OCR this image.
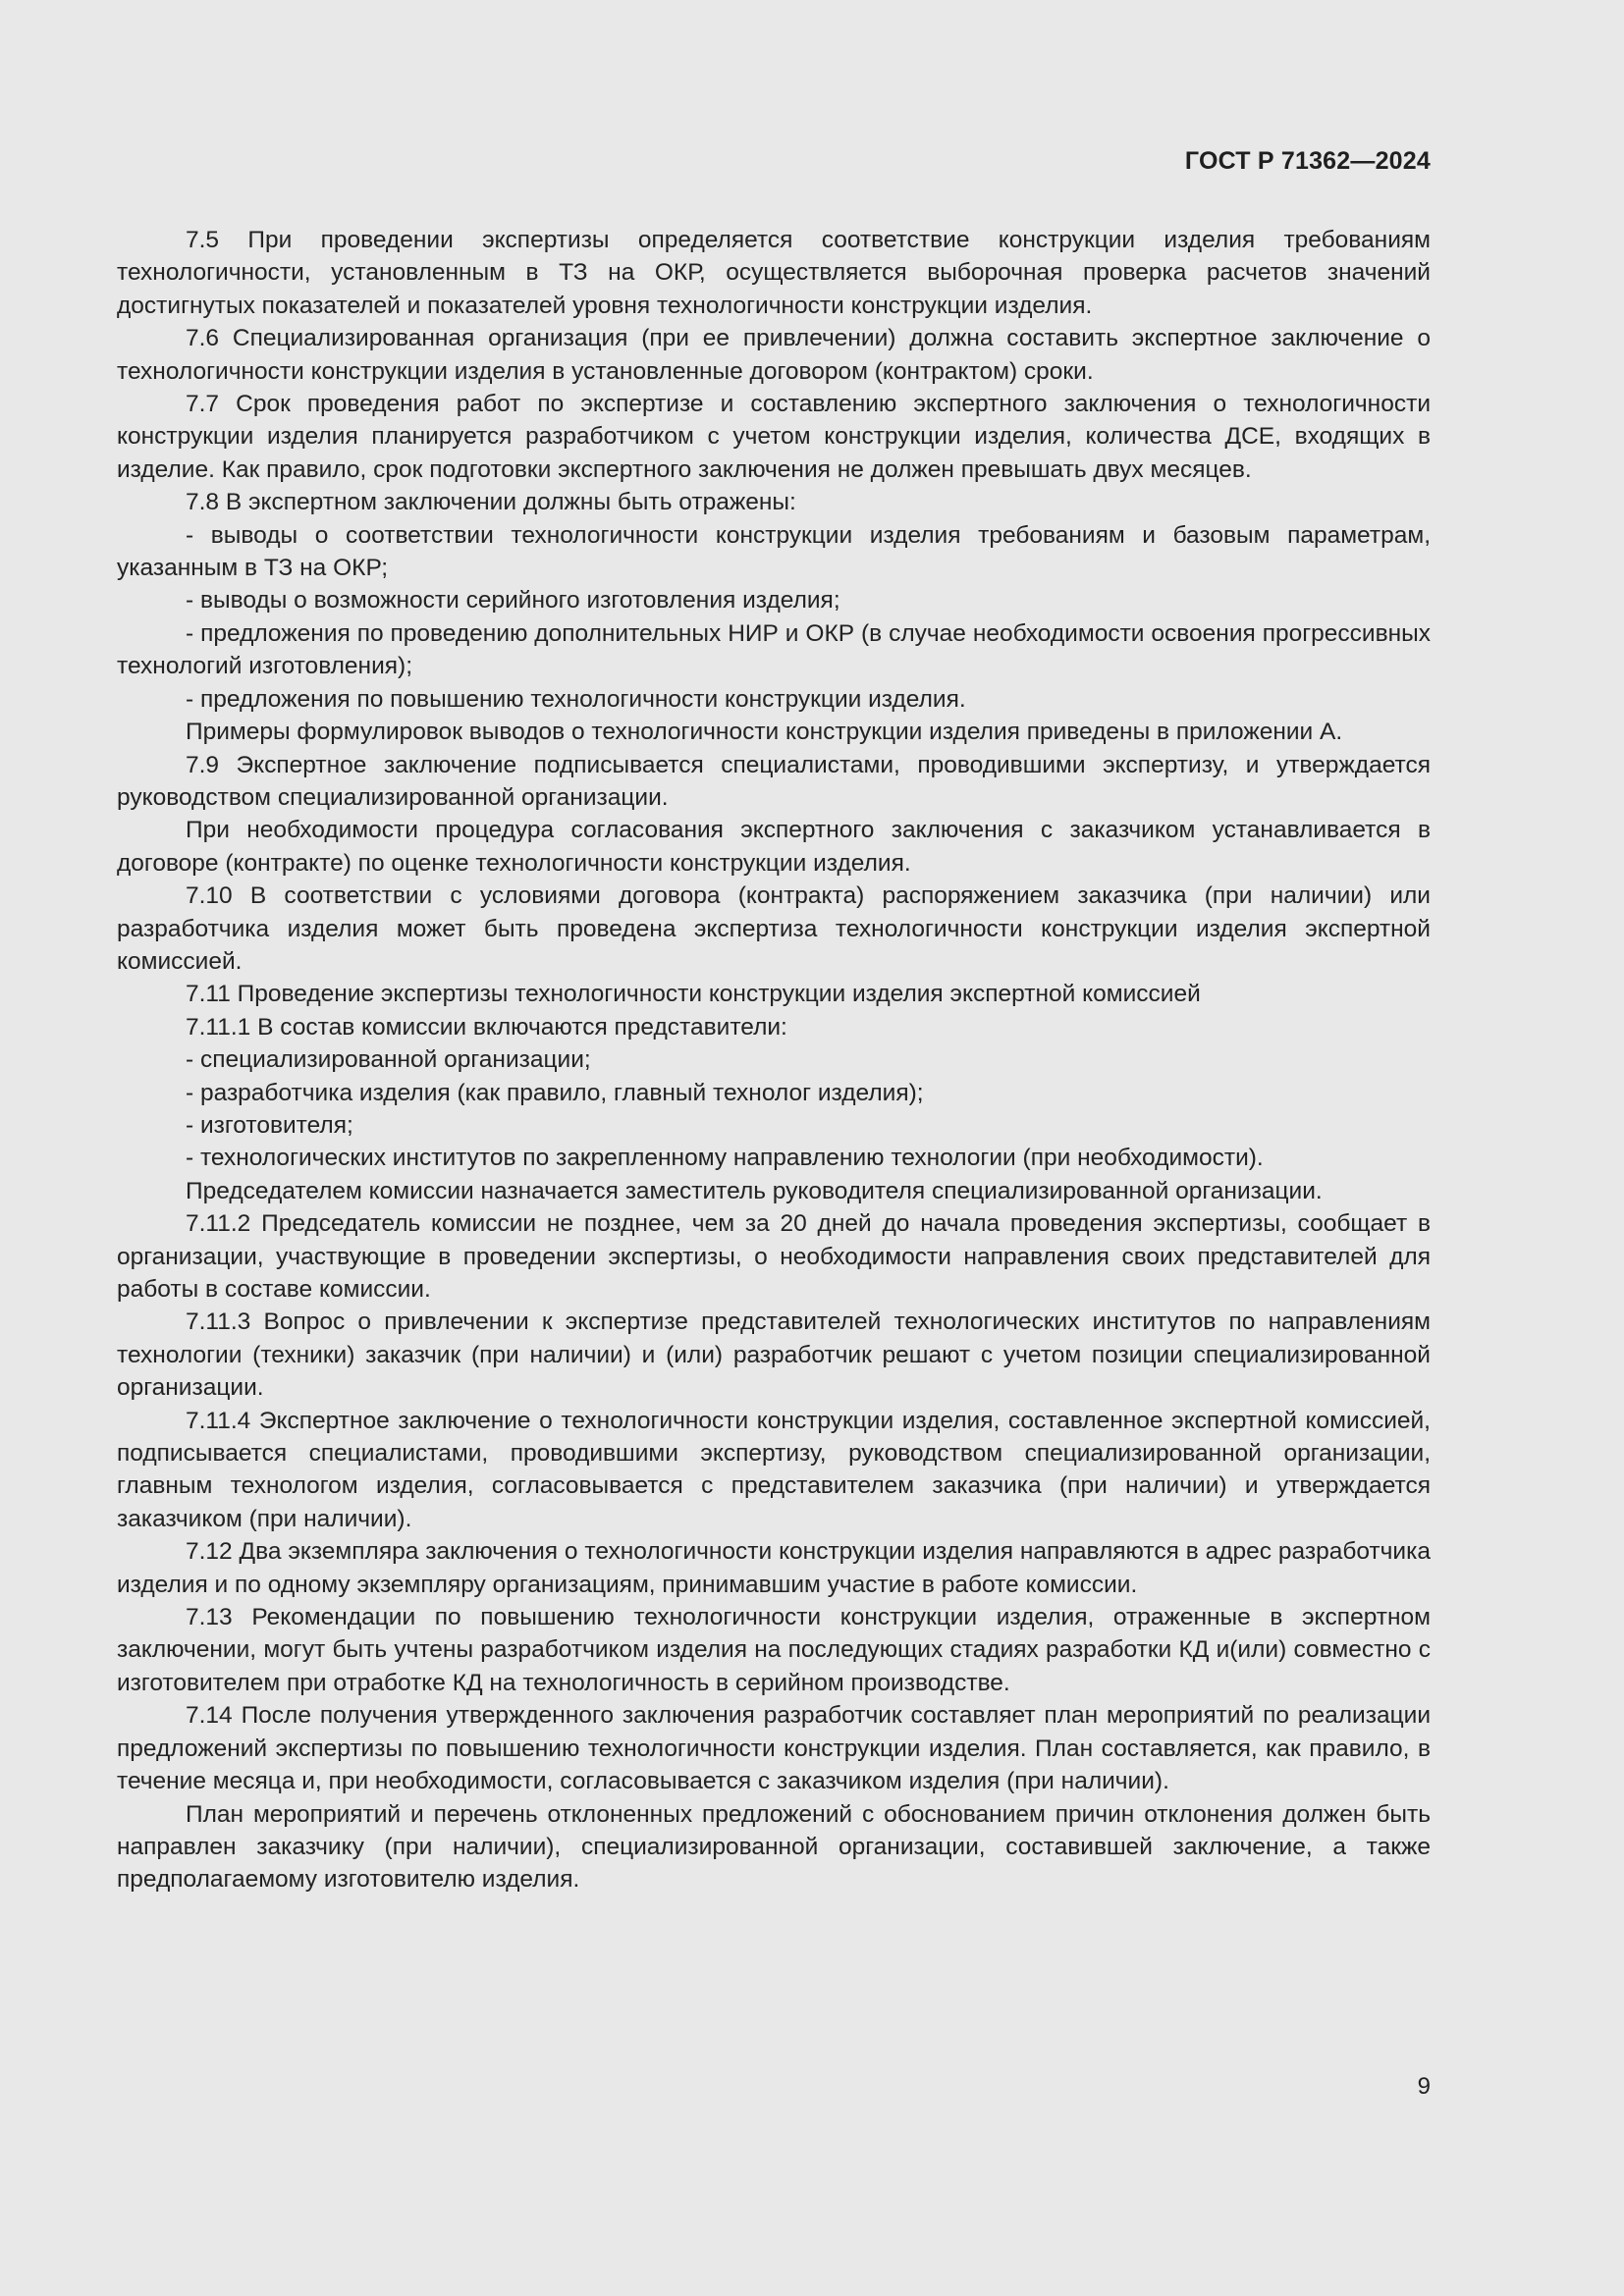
ГОСТ Р 71362—2024

7.5 При проведении экспертизы определяется соответствие конструкции изделия требованиям технологичности, установленным в ТЗ на ОКР, осуществляется выборочная проверка расчетов значений достигнутых показателей и показателей уровня технологичности конструкции изделия.

7.6 Специализированная организация (при ее привлечении) должна составить экспертное заключение о технологичности конструкции изделия в установленные договором (контрактом) сроки.

7.7 Срок проведения работ по экспертизе и составлению экспертного заключения о технологичности конструкции изделия планируется разработчиком с учетом конструкции изделия, количества ДСЕ, входящих в изделие. Как правило, срок подготовки экспертного заключения не должен превышать двух месяцев.

7.8 В экспертном заключении должны быть отражены:

- выводы о соответствии технологичности конструкции изделия требованиям и базовым параметрам, указанным в ТЗ на ОКР;

- выводы о возможности серийного изготовления изделия;

- предложения по проведению дополнительных НИР и ОКР (в случае необходимости освоения прогрессивных технологий изготовления);

- предложения по повышению технологичности конструкции изделия.

Примеры формулировок выводов о технологичности конструкции изделия приведены в приложении А.

7.9 Экспертное заключение подписывается специалистами, проводившими экспертизу, и утверждается руководством специализированной организации.

При необходимости процедура согласования экспертного заключения с заказчиком устанавливается в договоре (контракте) по оценке технологичности конструкции изделия.

7.10 В соответствии с условиями договора (контракта) распоряжением заказчика (при наличии) или разработчика изделия может быть проведена экспертиза технологичности конструкции изделия экспертной комиссией.

7.11 Проведение экспертизы технологичности конструкции изделия экспертной комиссией

7.11.1 В состав комиссии включаются представители:

- специализированной организации;

- разработчика изделия (как правило, главный технолог изделия);

- изготовителя;

- технологических институтов по закрепленному направлению технологии (при необходимости).

Председателем комиссии назначается заместитель руководителя специализированной организации.

7.11.2 Председатель комиссии не позднее, чем за 20 дней до начала проведения экспертизы, сообщает в организации, участвующие в проведении экспертизы, о необходимости направления своих представителей для работы в составе комиссии.

7.11.3 Вопрос о привлечении к экспертизе представителей технологических институтов по направлениям технологии (техники) заказчик (при наличии) и (или) разработчик решают с учетом позиции специализированной организации.

7.11.4 Экспертное заключение о технологичности конструкции изделия, составленное экспертной комиссией, подписывается специалистами, проводившими экспертизу, руководством специализированной организации, главным технологом изделия, согласовывается с представителем заказчика (при наличии) и утверждается заказчиком (при наличии).

7.12 Два экземпляра заключения о технологичности конструкции изделия направляются в адрес разработчика изделия и по одному экземпляру организациям, принимавшим участие в работе комиссии.

7.13 Рекомендации по повышению технологичности конструкции изделия, отраженные в экспертном заключении, могут быть учтены разработчиком изделия на последующих стадиях разработки КД и(или) совместно с изготовителем при отработке КД на технологичность в серийном производстве.

7.14 После получения утвержденного заключения разработчик составляет план мероприятий по реализации предложений экспертизы по повышению технологичности конструкции изделия. План составляется, как правило, в течение месяца и, при необходимости, согласовывается с заказчиком изделия (при наличии).

План мероприятий и перечень отклоненных предложений с обоснованием причин отклонения должен быть направлен заказчику (при наличии), специализированной организации, составившей заключение, а также предполагаемому изготовителю изделия.

9
